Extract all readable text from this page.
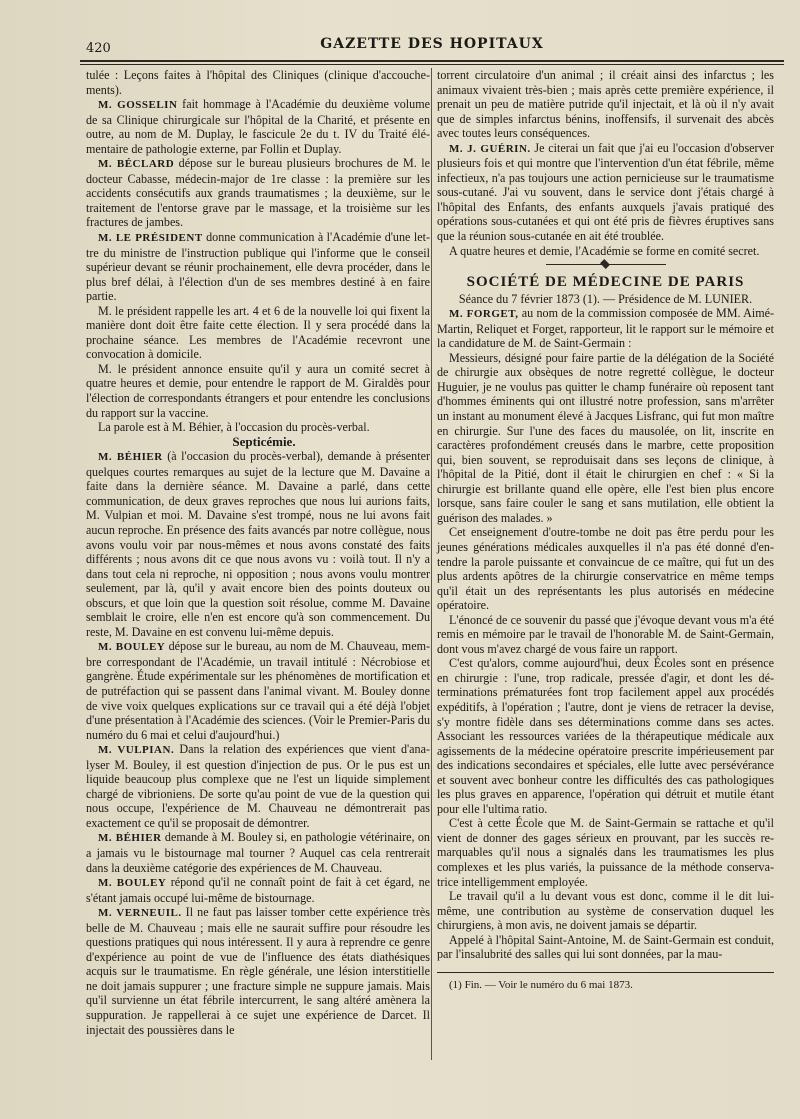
420	GAZETTE DES HOPITAUX

tulée : Leçons faites à l'hôpital des Cliniques (clinique d'accouchements).

M. GOSSELIN fait hommage à l'Académie du deuxième volume de sa Clinique chirurgicale sur l'hôpital de la Charité, et présente en outre, au nom de M. Duplay, le fascicule 2e du t. IV du Traité élémentaire de pathologie externe, par Follin et Duplay.

M. BÉCLARD dépose sur le bureau plusieurs brochures de M. le docteur Cabasse, médecin-major de 1re classe : la première sur les accidents consécutifs aux grands traumatismes ; la deuxième, sur le traitement de l'entorse grave par le massage, et la troisième sur les fractures de jambes.

M. LE PRÉSIDENT donne communication à l'Académie d'une lettre du ministre de l'instruction publique qui l'informe que le conseil supérieur devant se réunir prochainement, elle devra procéder, dans le plus bref délai, à l'élection d'un de ses membres destiné à en faire partie.

M. le président rappelle les art. 4 et 6 de la nouvelle loi qui fixent la manière dont doit être faite cette élection. Il y sera procédé dans la prochaine séance. Les membres de l'Académie recevront une convocation à domicile.

M. le président annonce ensuite qu'il y aura un comité secret à quatre heures et demie, pour entendre le rapport de M. Giraldès pour l'élection de correspondants étrangers et pour entendre les conclusions du rapport sur la vaccine.

La parole est à M. Béhier, à l'occasion du procès-verbal.

Septicémie.

M. BÉHIER (à l'occasion du procès-verbal), demande à présenter quelques courtes remarques au sujet de la lecture que M. Davaine a faite dans la dernière séance. M. Davaine a parlé, dans cette communication, de deux graves reproches que nous lui aurions faits, M. Vulpian et moi. M. Davaine s'est trompé, nous ne lui avons fait aucun reproche. En présence des faits avancés par notre collègue, nous avons voulu voir par nous-mêmes et nous avons constaté des faits différents ; nous avons dit ce que nous avons vu : voilà tout. Il n'y a dans tout cela ni reproche, ni opposition ; nous avons voulu montrer seulement, par là, qu'il y avait encore bien des points douteux ou obscurs, et que loin que la question soit résolue, comme M. Davaine semblait le croire, elle n'en est encore qu'à son commencement. Du reste, M. Davaine en est convenu lui-même depuis.

M. BOULEY dépose sur le bureau, au nom de M. Chauveau, membre correspondant de l'Académie, un travail intitulé : Nécrobiose et gangrène. Étude expérimentale sur les phénomènes de mortification et de putréfaction qui se passent dans l'animal vivant. M. Bouley donne de vive voix quelques explications sur ce travail qui a été déjà l'objet d'une présentation à l'Académie des sciences. (Voir le Premier-Paris du numéro du 6 mai et celui d'aujourd'hui.)

M. VULPIAN. Dans la relation des expériences que vient d'analyser M. Bouley, il est question d'injection de pus. Or le pus est un liquide beaucoup plus complexe que ne l'est un liquide simplement chargé de vibrioniens. De sorte qu'au point de vue de la question qui nous occupe, l'expérience de M. Chauveau ne démontrerait pas exactement ce qu'il se proposait de démontrer.

M. BÉHIER demande à M. Bouley si, en pathologie vétérinaire, on a jamais vu le bistournage mal tourner ? Auquel cas cela rentrerait dans la deuxième catégorie des expériences de M. Chauveau.

M. BOULEY répond qu'il ne connaît point de fait à cet égard, ne s'étant jamais occupé lui-même de bistournage.

M. VERNEUIL. Il ne faut pas laisser tomber cette expérience très belle de M. Chauveau ; mais elle ne saurait suffire pour résoudre les questions pratiques qui nous intéressent. Il y aura à reprendre ce genre d'expérience au point de vue de l'influence des états diathésiques acquis sur le traumatisme. En règle générale, une lésion interstitielle ne doit jamais suppurer ; une fracture simple ne suppure jamais. Mais qu'il survienne un état fébrile intercurrent, le sang altéré amènera la suppuration. Je rappellerai à ce sujet une expérience de Darcet. Il injectait des poussières dans le

torrent circulatoire d'un animal ; il créait ainsi des infarctus ; les animaux vivaient très-bien ; mais après cette première expérience, il prenait un peu de matière putride qu'il injectait, et là où il n'y avait que de simples infarctus bénins, inoffensifs, il survenait des abcès avec toutes leurs conséquences.

M. J. GUÉRIN. Je citerai un fait que j'ai eu l'occasion d'observer plusieurs fois et qui montre que l'intervention d'un état fébrile, même infectieux, n'a pas toujours une action pernicieuse sur le traumatisme sous-cutané. J'ai vu souvent, dans le service dont j'étais chargé à l'hôpital des Enfants, des enfants auxquels j'avais pratiqué des opérations sous-cutanées et qui ont été pris de fièvres éruptives sans que la réunion sous-cutanée en ait été troublée.

A quatre heures et demie, l'Académie se forme en comité secret.

SOCIÉTÉ DE MÉDECINE DE PARIS

Séance du 7 février 1873 (1). — Présidence de M. LUNIER.

M. FORGET, au nom de la commission composée de MM. Aimé-Martin, Reliquet et Forget, rapporteur, lit le rapport sur le mémoire et la candidature de M. de Saint-Germain :

Messieurs, désigné pour faire partie de la délégation de la Société de chirurgie aux obsèques de notre regretté collègue, le docteur Huguier, je ne voulus pas quitter le champ funéraire où reposent tant d'hommes éminents qui ont illustré notre profession, sans m'arrêter un instant au monument élevé à Jacques Lisfranc, qui fut mon maître en chirurgie. Sur l'une des faces du mausolée, on lit, inscrite en caractères profondément creusés dans le marbre, cette proposition qui, bien souvent, se reproduisait dans ses leçons de clinique, à l'hôpital de la Pitié, dont il était le chirurgien en chef : « Si la chirurgie est brillante quand elle opère, elle l'est bien plus encore lorsque, sans faire couler le sang et sans mutilation, elle obtient la guérison des malades. »

Cet enseignement d'outre-tombe ne doit pas être perdu pour les jeunes générations médicales auxquelles il n'a pas été donné d'entendre la parole puissante et convaincue de ce maître, qui fut un des plus ardents apôtres de la chirurgie conservatrice en même temps qu'il était un des représentants les plus autorisés en médecine opératoire.

L'énoncé de ce souvenir du passé que j'évoque devant vous m'a été remis en mémoire par le travail de l'honorable M. de Saint-Germain, dont vous m'avez chargé de vous faire un rapport.

C'est qu'alors, comme aujourd'hui, deux Écoles sont en présence en chirurgie : l'une, trop radicale, pressée d'agir, et dont les déterminations prématurées font trop facilement appel aux procédés expéditifs, à l'opération ; l'autre, dont je viens de retracer la devise, s'y montre fidèle dans ses déterminations comme dans ses actes. Associant les ressources variées de la thérapeutique médicale aux agissements de la médecine opératoire prescrite impérieusement par des indications secondaires et spéciales, elle lutte avec persévérance et souvent avec bonheur contre les difficultés des cas pathologiques les plus graves en apparence, l'opération qui détruit et mutile étant pour elle l'ultima ratio.

C'est à cette École que M. de Saint-Germain se rattache et qu'il vient de donner des gages sérieux en prouvant, par les succès remarquables qu'il nous a signalés dans les traumatismes les plus complexes et les plus variés, la puissance de la méthode conservatrice intelligemment employée.

Le travail qu'il a lu devant vous est donc, comme il le dit lui-même, une contribution au système de conservation duquel les chirurgiens, à mon avis, ne doivent jamais se départir.

Appelé à l'hôpital Saint-Antoine, M. de Saint-Germain est conduit, par l'insalubrité des salles qui lui sont données, par la mau-

(1) Fin. — Voir le numéro du 6 mai 1873.
